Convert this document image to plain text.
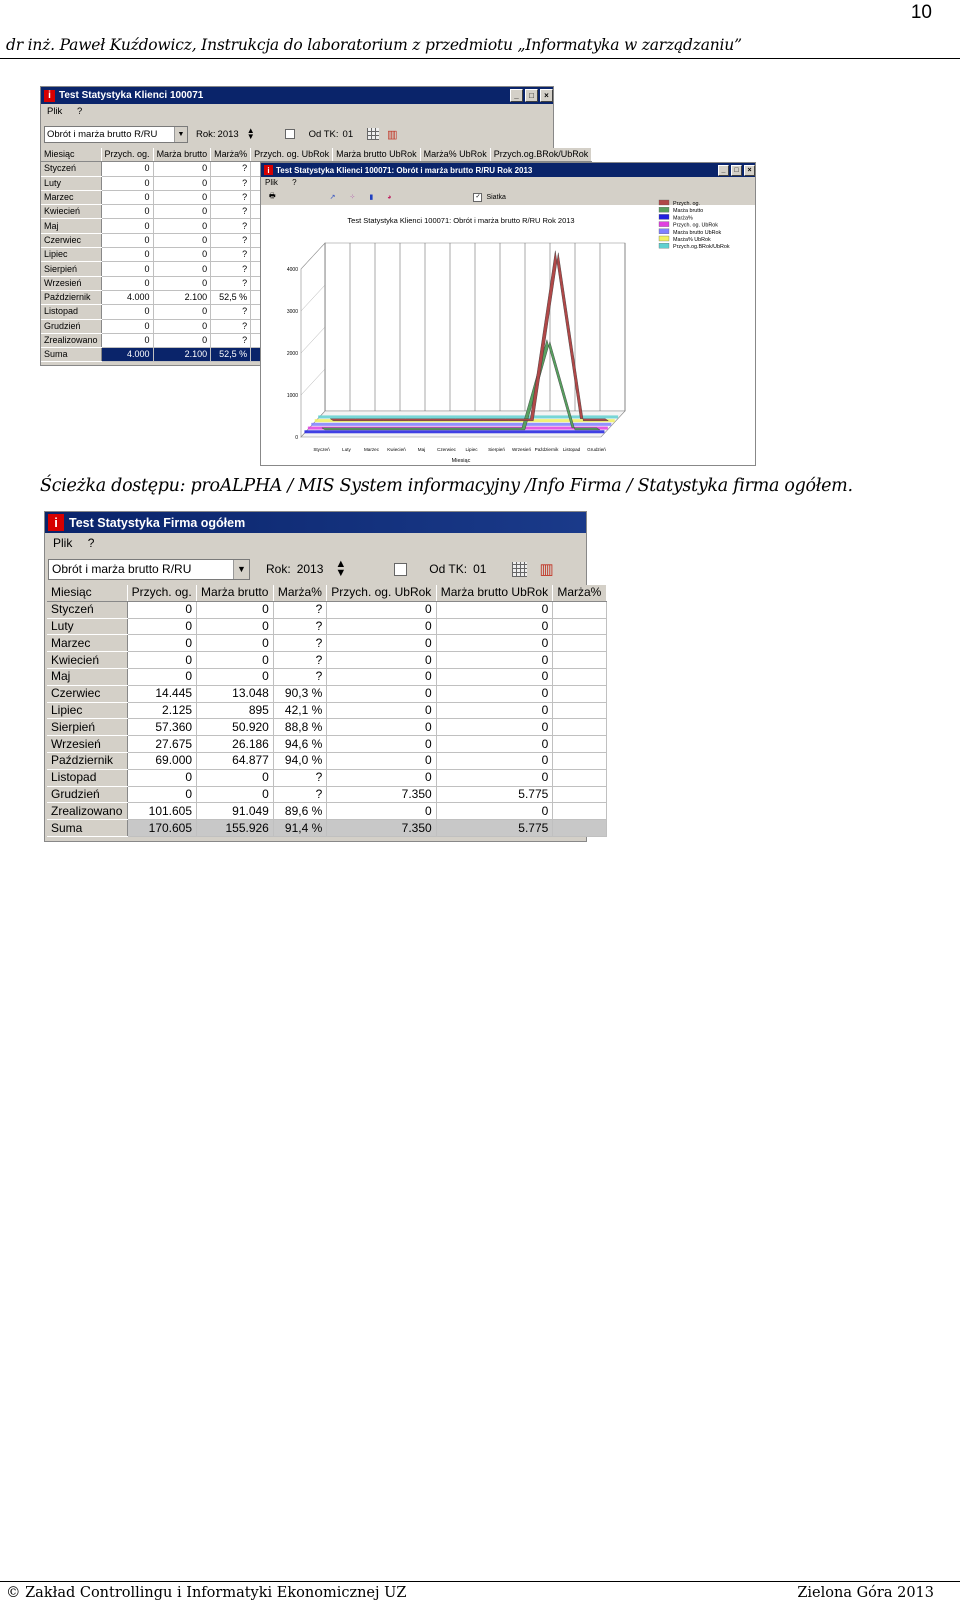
10
dr inż. Paweł Kuźdowicz, Instrukcja do laboratorium z przedmiotu „Informatyka w zarządzaniu”
i Test Statystyka Klienci 100071	_	□	×
Plik ?
Obrót i marża brutto R/RU	▼ Rok: 2013 ▲
▼	Od TK: 01	▥
Miesiąc	Przych. og.	Marża brutto	Marża%	Przych. og. UbRok	Marża brutto UbRok	Marża% UbRok	Przych.og.BRok/UbRok
Styczeń	0	0	?				
Luty	0	0	?				
Marzec	0	0	?				
Kwiecień	0	0	?				
Maj	0	0	?				
Czerwiec	0	0	?				
Lipiec	0	0	?				
Sierpień	0	0	?				
Wrzesień	0	0	?				
Październik	4.000	2.100	52,5 %				
Listopad	0	0	?				
Grudzień	0	0	?				
Zrealizowano	0	0	?				
Suma	4.000	2.100	52,5 %				
i Test Statystyka Klienci 100071: Obrót i marża brutto R/RU Rok 2013	_	□	×
Plik ?
🖶	↗ ⁘ ▮ ◕	✓ Siatka
Test Statystyka Klienci 100071: Obrót i marża brutto R/RU Rok 2013
0
1000
2000
3000
4000
Styczeń	Luty	Marzec Kwiecień	Maj	Czerwiec Lipiec Sierpień Wrzesień Październik Listopad Grudzień
Miesiąc
Przych. og.
Marża brutto
Marża%
Przych. og. UbRok
Marża brutto UbRok
Marża% UbRok
Przych.og.BRok/UbRok
Ścieżka dostępu: proALPHA / MIS System informacyjny /Info Firma / Statystyka firma ogółem.
i Test Statystyka Firma ogółem
Plik ?
Obrót i marża brutto R/RU	▼ Rok: 2013 ▲
▼	Od TK: 01	▥
Miesiąc	Przych. og.	Marża brutto	Marża%	Przych. og. UbRok	Marża brutto UbRok	Marża%
Styczeń	0	0	?	0	0	
Luty	0	0	?	0	0	
Marzec	0	0	?	0	0	
Kwiecień	0	0	?	0	0	
Maj	0	0	?	0	0	
Czerwiec	14.445	13.048	90,3 %	0	0	
Lipiec	2.125	895	42,1 %	0	0	
Sierpień	57.360	50.920	88,8 %	0	0	
Wrzesień	27.675	26.186	94,6 %	0	0	
Październik	69.000	64.877	94,0 %	0	0	
Listopad	0	0	?	0	0	
Grudzień	0	0	?	7.350	5.775	
Zrealizowano	101.605	91.049	89,6 %	0	0	
Suma	170.605	155.926	91,4 %	7.350	5.775	
© Zakład Controllingu i Informatyki Ekonomicznej UZ	Zielona Góra 2013
